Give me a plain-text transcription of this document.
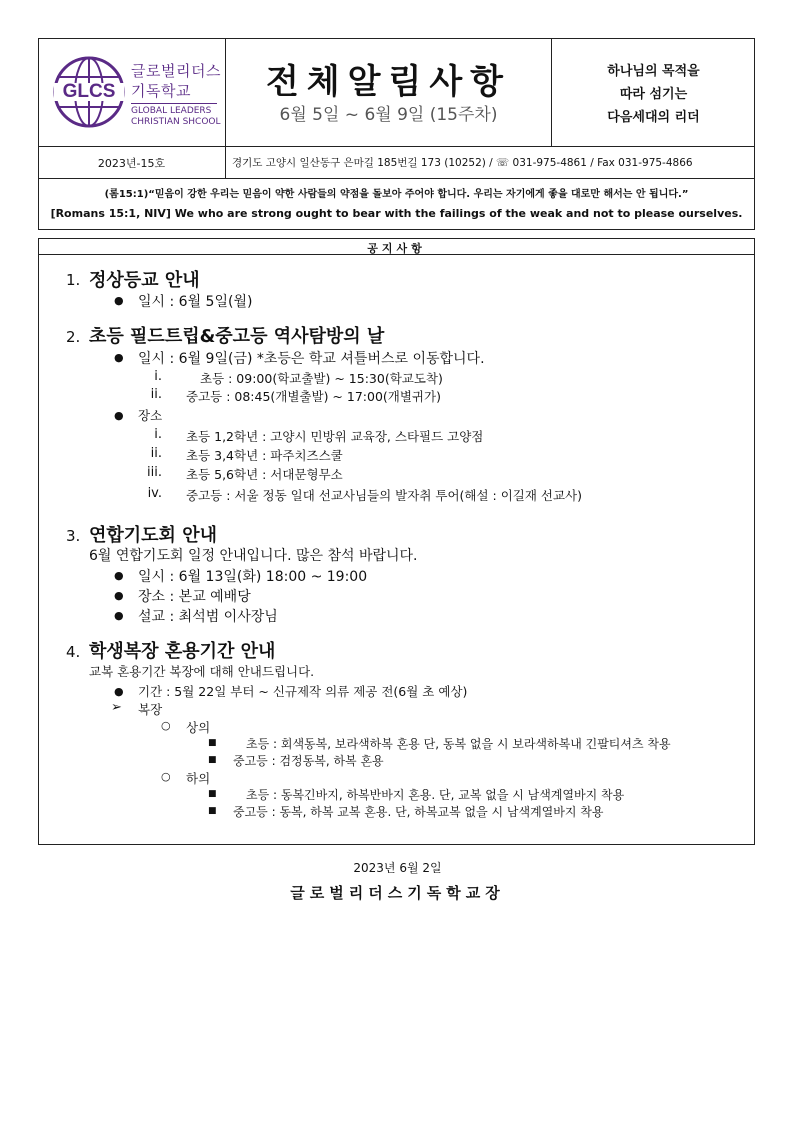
GLCS
글로벌리더스
기독학교
GLOBAL LEADERS
CHRISTIAN SHCOOL
전체알림사항
6월 5일 ~ 6월 9일 (15주차)
하나님의 목적을
따라 섬기는
다음세대의 리더
2023년-15호	경기도 고양시 일산동구 은마길 185번길 173 (10252) / ☏ 031-975-4861 / Fax 031-975-4866
(롬15:1)“믿음이 강한 우리는 믿음이 약한 사람들의 약점을 돌보아 주어야 합니다. 우리는 자기에게 좋을 대로만 해서는 안 됩니다.”
[Romans 15:1, NIV] We who are strong ought to bear with the failings of the weak and not to please ourselves.
공지사항
1. 정상등교 안내
● 일시 : 6월 5일(월)
2. 초등 필드트립&중고등 역사탐방의 날
● 일시 : 6월 9일(금) *초등은 학교 셔틀버스로 이동합니다.
i.	초등 : 09:00(학교출발) ~ 15:30(학교도착)
ii. 중고등 : 08:45(개별출발) ~ 17:00(개별귀가)
● 장소
i. 초등 1,2학년 : 고양시 민방위 교육장, 스타필드 고양점
ii. 초등 3,4학년 : 파주치즈스쿨
iii. 초등 5,6학년 : 서대문형무소
iv. 중고등 : 서울 정동 일대 선교사님들의 발자취 투어(해설 : 이길재 선교사)
3. 연합기도회 안내
6월 연합기도회 일정 안내입니다. 많은 참석 바랍니다.
● 일시 : 6월 13일(화) 18:00 ~ 19:00
● 장소 : 본교 예배당
● 설교 : 최석범 이사장님
4. 학생복장 혼용기간 안내
교복 혼용기간 복장에 대해 안내드립니다.
● 기간 : 5월 22일 부터 ~ 신규제작 의류 제공 전(6월 초 예상)
➢ 복장
○ 상의
■ 초등 : 회색동복, 보라색하복 혼용 단, 동복 없을 시 보라색하복내 긴팔티셔츠 착용
■ 중고등 : 검정동복, 하복 혼용
○ 하의
■ 초등 : 동복긴바지, 하복반바지 혼용. 단, 교복 없을 시 남색계열바지 착용
■ 중고등 : 동복, 하복 교복 혼용. 단, 하복교복 없을 시 남색계열바지 착용
2023년 6월 2일
글로벌리더스기독학교장
